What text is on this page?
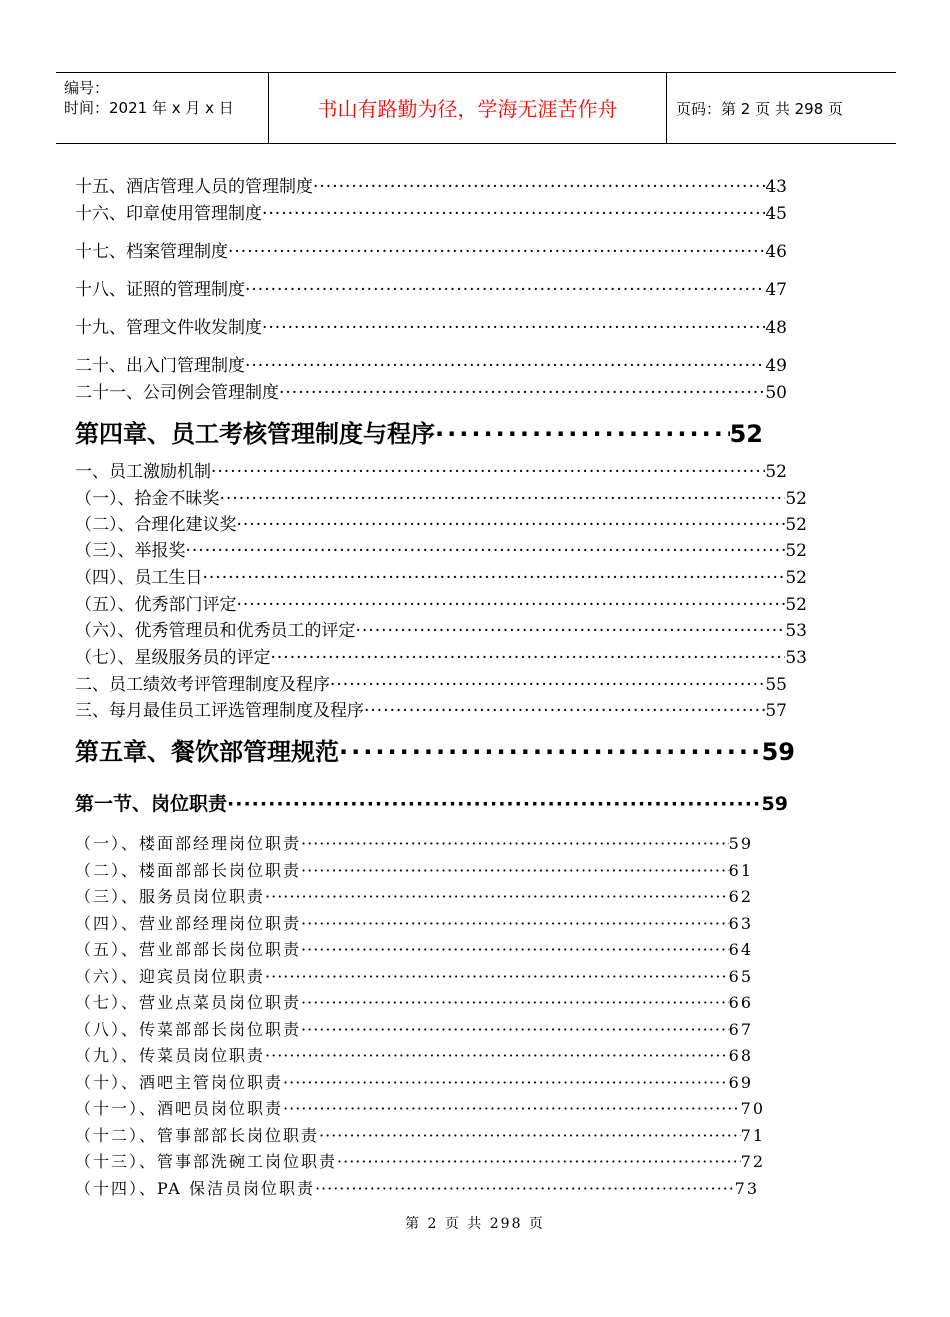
编号：
时间：2021 年 x 月 x 日	书山有路勤为径，学海无涯苦作舟	页码：第 2 页 共 298 页
十五、酒店管理人员的管理制度 ·····	43
十六、印章使用管理制度 ·····	45
十七、档案管理制度 ·····	46
十八、证照的管理制度 ·····	47
十九、管理文件收发制度 ·····	48
二十、出入门管理制度 ·····	49
二十一、公司例会管理制度 ·····	50
第四章、员工考核管理制度与程序 ·····	52
一、员工激励机制 ·····	52
（一）、拾金不昧奖 ·····	52
（二）、合理化建议奖 ·····	52
（三）、举报奖 ·····	52
（四）、员工生日 ·····	52
（五）、优秀部门评定 ·····	52
（六）、优秀管理员和优秀员工的评定 ·····	53
（七）、星级服务员的评定 ·····	53
二、员工绩效考评管理制度及程序 ·····	55
三、每月最佳员工评选管理制度及程序 ·····	57
第五章、餐饮部管理规范 ·····	59
第一节、岗位职责 ·····	59
（一）、楼面部经理岗位职责 ·····	59
（二）、楼面部部长岗位职责 ·····	61
（三）、服务员岗位职责 ·····	62
（四）、营业部经理岗位职责 ·····	63
（五）、营业部部长岗位职责 ·····	64
（六）、迎宾员岗位职责 ·····	65
（七）、营业点菜员岗位职责 ·····	66
（八）、传菜部部长岗位职责 ·····	67
（九）、传菜员岗位职责 ·····	68
（十）、酒吧主管岗位职责 ·····	69
（十一）、酒吧员岗位职责 ·····	70
（十二）、管事部部长岗位职责 ·····	71
（十三）、管事部洗碗工岗位职责 ·····	72
（十四）、PA 保洁员岗位职责 ·····	73
第 2 页 共 298 页
